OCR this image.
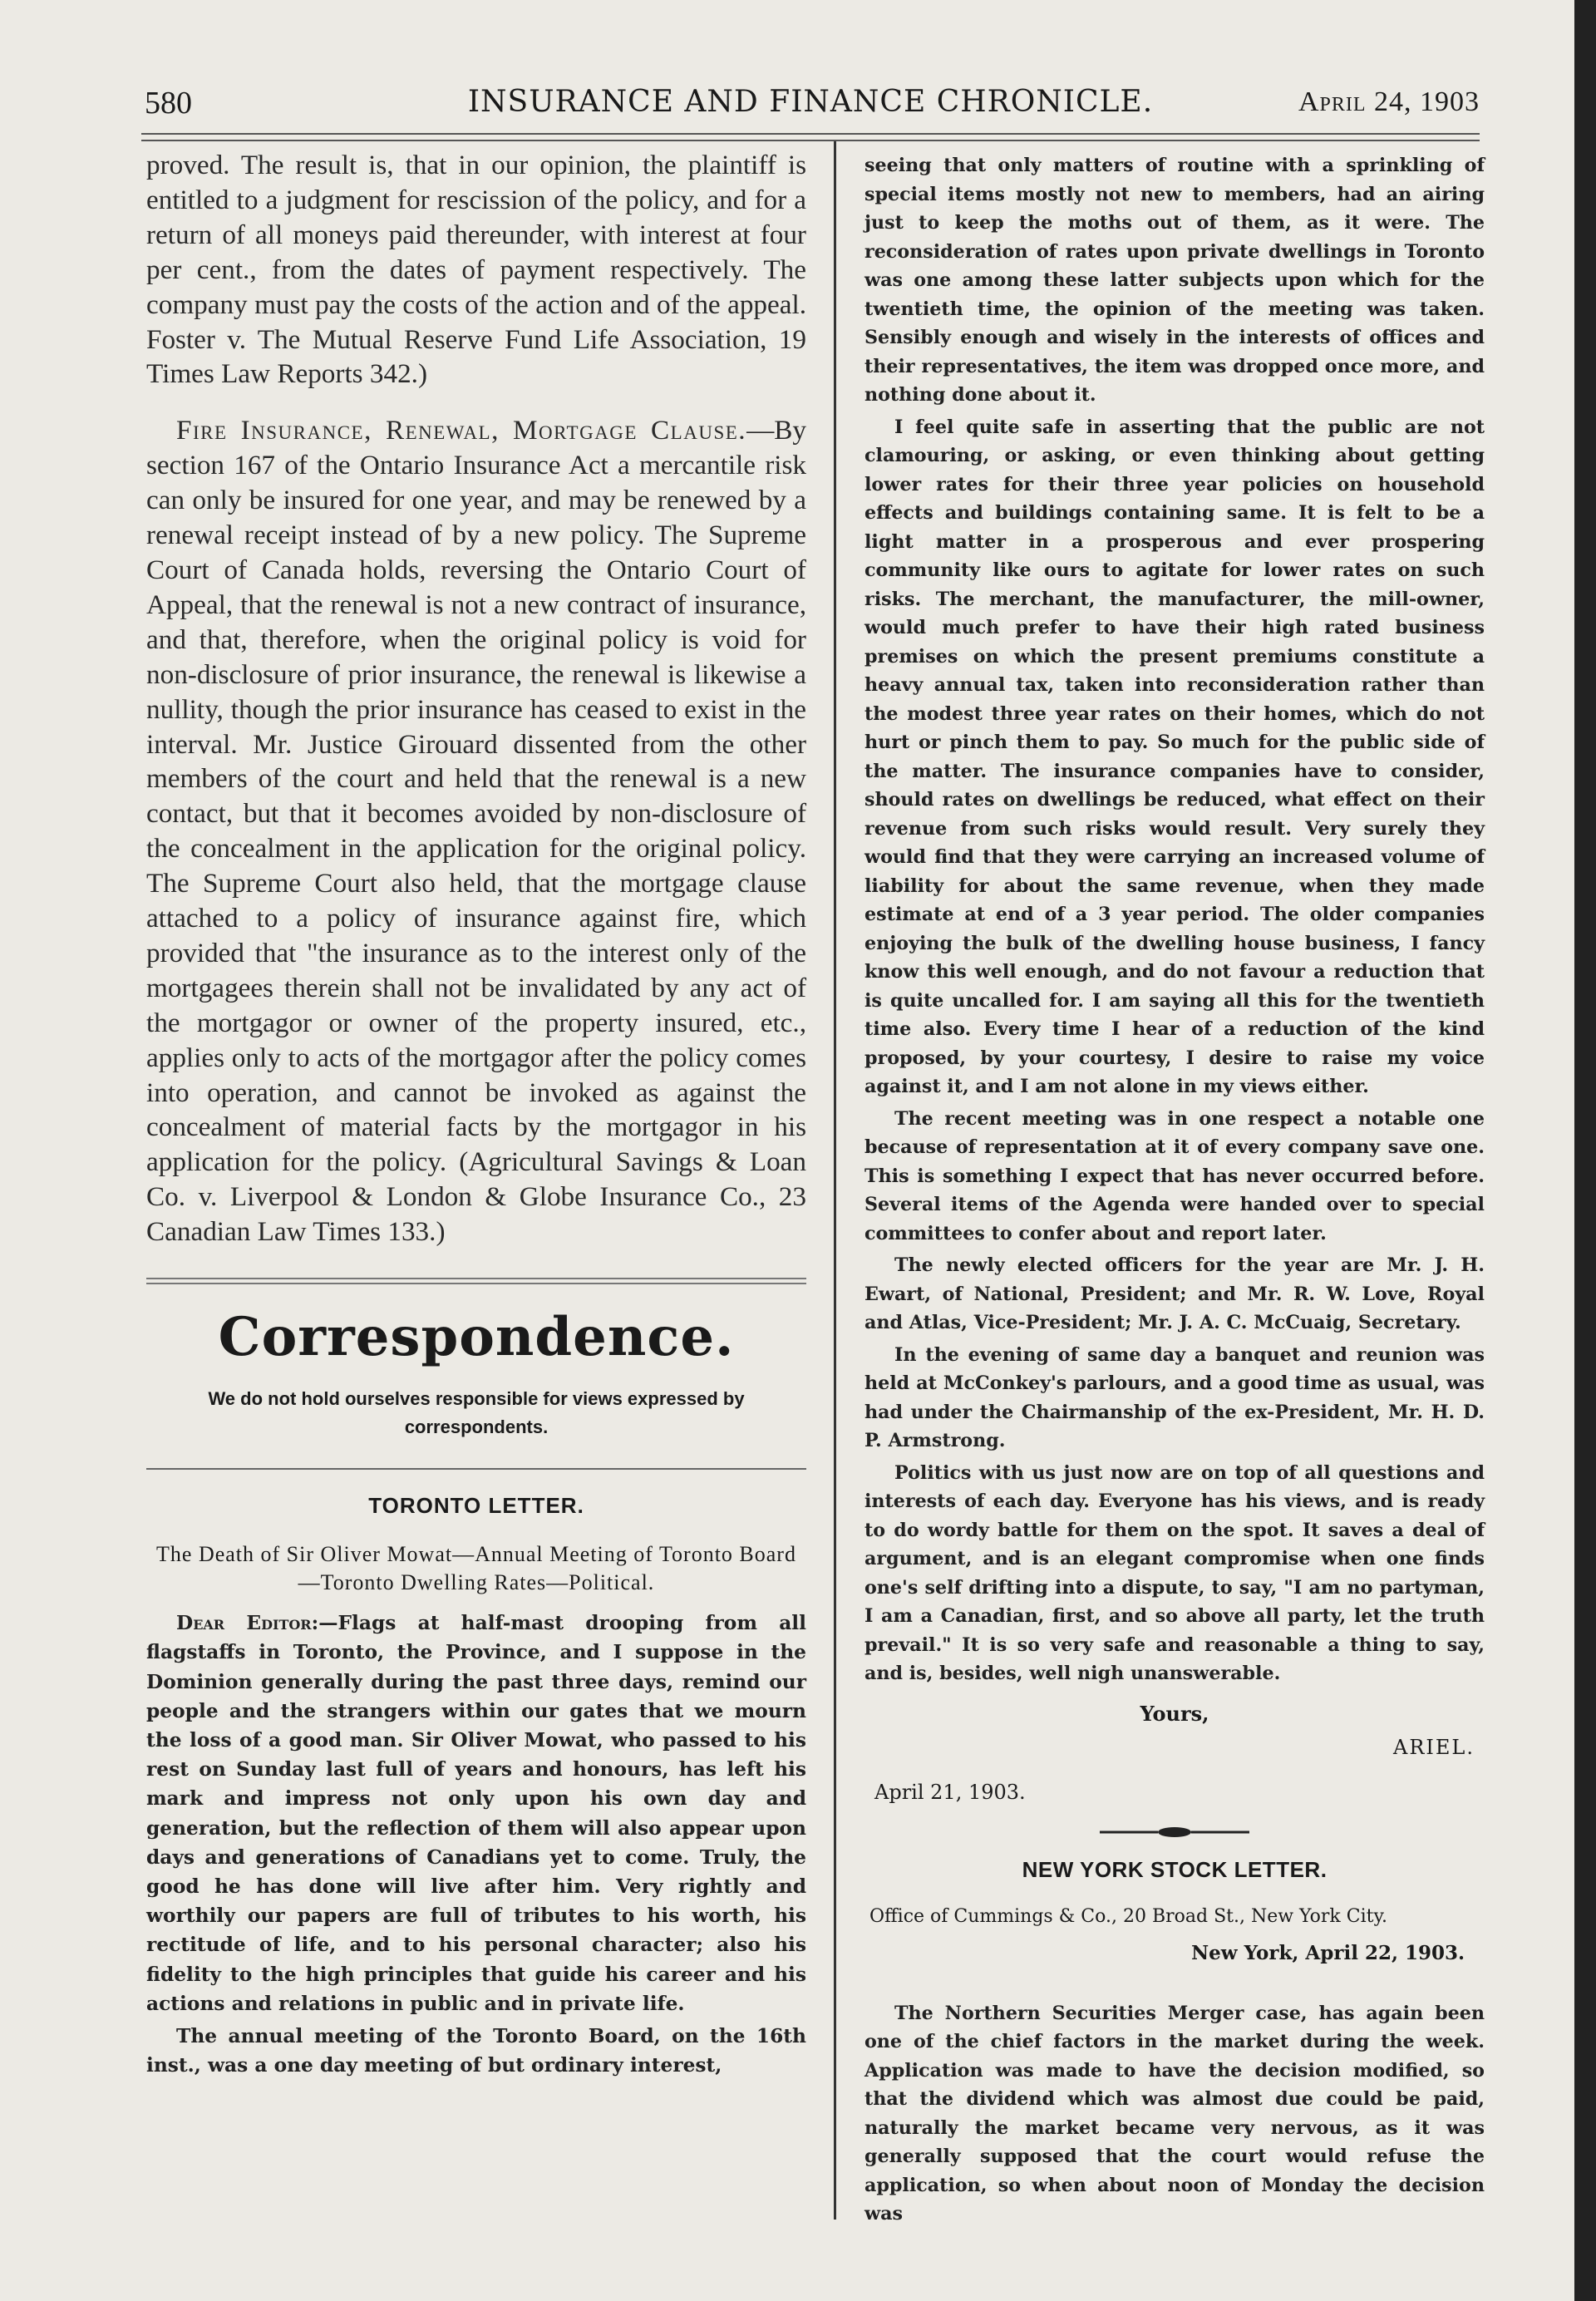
580	INSURANCE AND FINANCE CHRONICLE.	April 24, 1903

proved. The result is, that in our opinion, the plaintiff is entitled to a judgment for rescission of the policy, and for a return of all moneys paid thereunder, with interest at four per cent., from the dates of payment respectively. The company must pay the costs of the action and of the appeal. Foster v. The Mutual Reserve Fund Life Association, 19 Times Law Reports 342.)

Fire Insurance, Renewal, Mortgage Clause.—By section 167 of the Ontario Insurance Act a mercantile risk can only be insured for one year, and may be renewed by a renewal receipt instead of by a new policy. The Supreme Court of Canada holds, reversing the Ontario Court of Appeal, that the renewal is not a new contract of insurance, and that, therefore, when the original policy is void for non-disclosure of prior insurance, the renewal is likewise a nullity, though the prior insurance has ceased to exist in the interval. Mr. Justice Girouard dissented from the other members of the court and held that the renewal is a new contact, but that it becomes avoided by non-disclosure of the concealment in the application for the original policy. The Supreme Court also held, that the mortgage clause attached to a policy of insurance against fire, which provided that "the insurance as to the interest only of the mortgagees therein shall not be invalidated by any act of the mortgagor or owner of the property insured, etc., applies only to acts of the mortgagor after the policy comes into operation, and cannot be invoked as against the concealment of material facts by the mortgagor in his application for the policy. (Agricultural Savings & Loan Co. v. Liverpool & London & Globe Insurance Co., 23 Canadian Law Times 133.)

Correspondence.
We do not hold ourselves responsible for views expressed by correspondents.
TORONTO LETTER.
The Death of Sir Oliver Mowat—Annual Meeting of Toronto Board—Toronto Dwelling Rates—Political.

Dear Editor:—Flags at half-mast drooping from all flagstaffs in Toronto, the Province, and I suppose in the Dominion generally during the past three days, remind our people and the strangers within our gates that we mourn the loss of a good man. Sir Oliver Mowat, who passed to his rest on Sunday last full of years and honours, has left his mark and impress not only upon his own day and generation, but the reflection of them will also appear upon days and generations of Canadians yet to come. Truly, the good he has done will live after him. Very rightly and worthily our papers are full of tributes to his worth, his rectitude of life, and to his personal character; also his fidelity to the high principles that guide his career and his actions and relations in public and in private life.

The annual meeting of the Toronto Board, on the 16th inst., was a one day meeting of but ordinary interest,

seeing that only matters of routine with a sprinkling of special items mostly not new to members, had an airing just to keep the moths out of them, as it were. The reconsideration of rates upon private dwellings in Toronto was one among these latter subjects upon which for the twentieth time, the opinion of the meeting was taken. Sensibly enough and wisely in the interests of offices and their representatives, the item was dropped once more, and nothing done about it.

I feel quite safe in asserting that the public are not clamouring, or asking, or even thinking about getting lower rates for their three year policies on household effects and buildings containing same. It is felt to be a light matter in a prosperous and ever prospering community like ours to agitate for lower rates on such risks. The merchant, the manufacturer, the mill-owner, would much prefer to have their high rated business premises on which the present premiums constitute a heavy annual tax, taken into reconsideration rather than the modest three year rates on their homes, which do not hurt or pinch them to pay. So much for the public side of the matter. The insurance companies have to consider, should rates on dwellings be reduced, what effect on their revenue from such risks would result. Very surely they would find that they were carrying an increased volume of liability for about the same revenue, when they made estimate at end of a 3 year period. The older companies enjoying the bulk of the dwelling house business, I fancy know this well enough, and do not favour a reduction that is quite uncalled for. I am saying all this for the twentieth time also. Every time I hear of a reduction of the kind proposed, by your courtesy, I desire to raise my voice against it, and I am not alone in my views either.

The recent meeting was in one respect a notable one because of representation at it of every company save one. This is something I expect that has never occurred before. Several items of the Agenda were handed over to special committees to confer about and report later.

The newly elected officers for the year are Mr. J. H. Ewart, of National, President; and Mr. R. W. Love, Royal and Atlas, Vice-President; Mr. J. A. C. McCuaig, Secretary.

In the evening of same day a banquet and reunion was held at McConkey's parlours, and a good time as usual, was had under the Chairmanship of the ex-President, Mr. H. D. P. Armstrong.

Politics with us just now are on top of all questions and interests of each day. Everyone has his views, and is ready to do wordy battle for them on the spot. It saves a deal of argument, and is an elegant compromise when one finds one's self drifting into a dispute, to say, "I am no partyman, I am a Canadian, first, and so above all party, let the truth prevail." It is so very safe and reasonable a thing to say, and is, besides, well nigh unanswerable.

Yours,
ARIEL.
April 21, 1903.
NEW YORK STOCK LETTER.
Office of Cummings & Co., 20 Broad St., New York City.
New York, April 22, 1903.

The Northern Securities Merger case, has again been one of the chief factors in the market during the week. Application was made to have the decision modified, so that the dividend which was almost due could be paid, naturally the market became very nervous, as it was generally supposed that the court would refuse the application, so when about noon of Monday the decision was
